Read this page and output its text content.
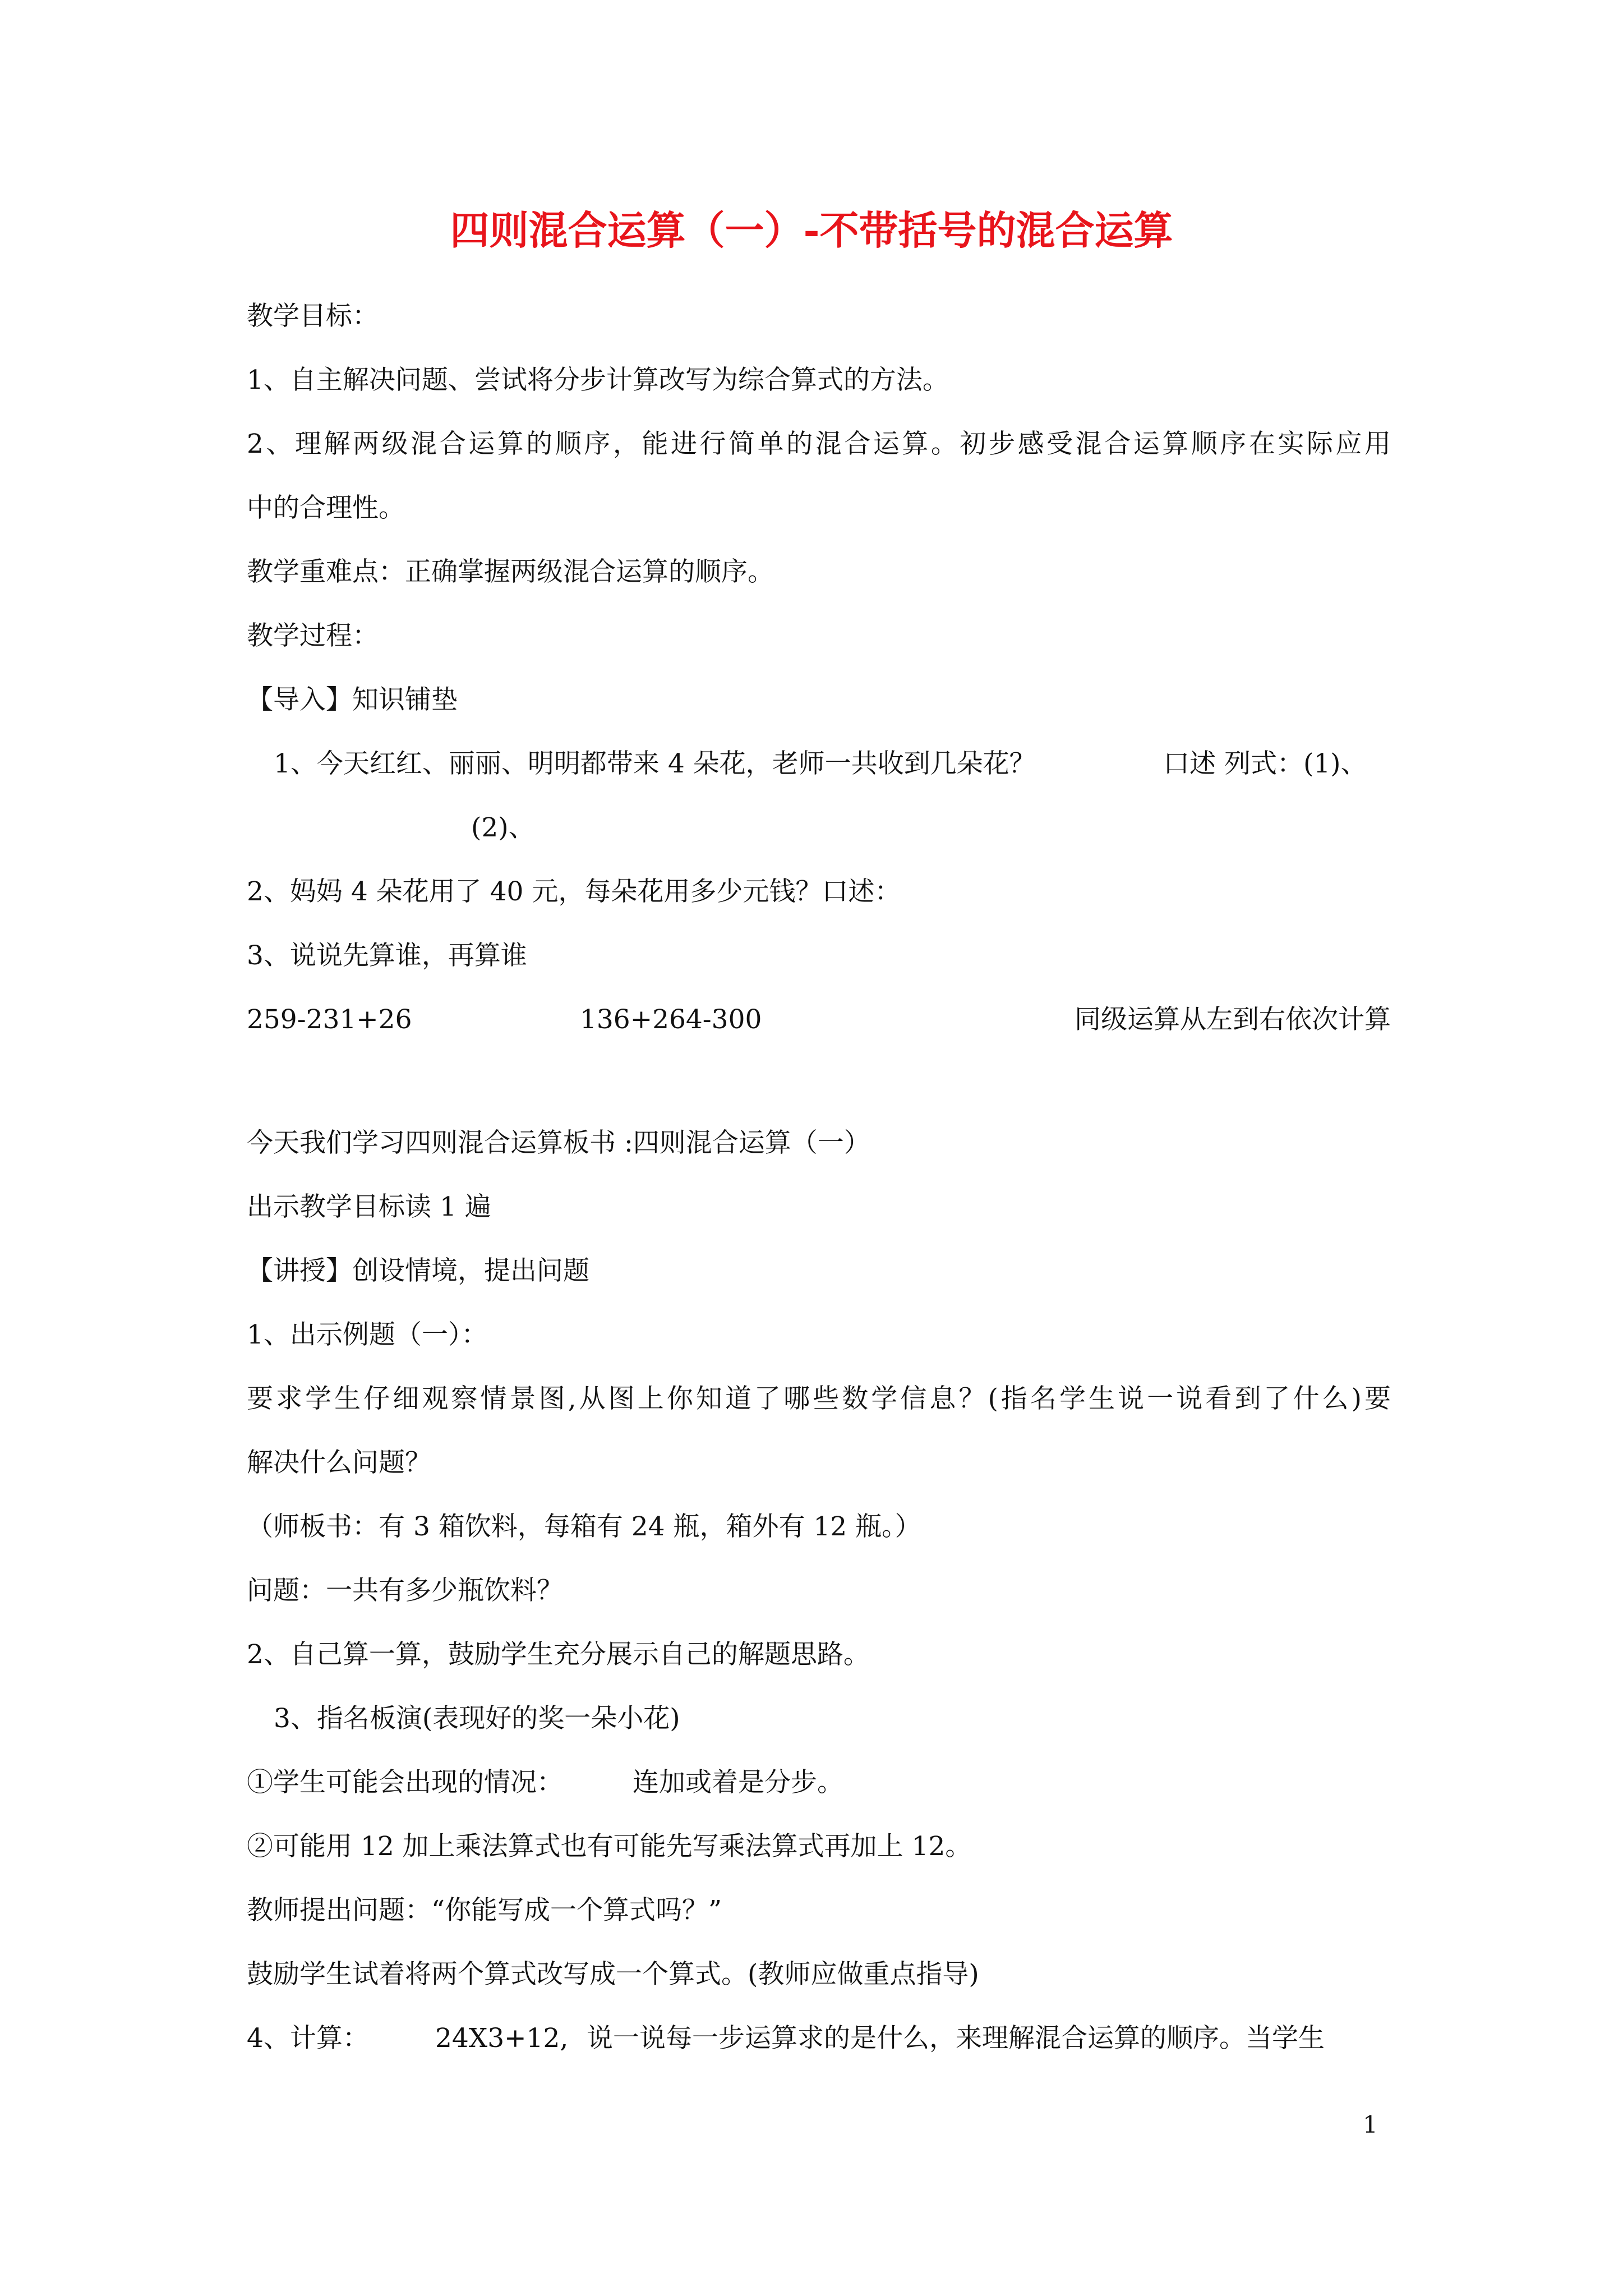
四则混合运算（一）-不带括号的混合运算
教学目标：
1、自主解决问题、尝试将分步计算改写为综合算式的方法。
2、理解两级混合运算的顺序，能进行简单的混合运算。初步感受混合运算顺序在实际应用
中的合理性。
教学重难点：正确掌握两级混合运算的顺序。
教学过程：
【导入】知识铺垫
1、今天红红、丽丽、明明都带来 4 朵花，老师一共收到几朵花？	口述 列式：(1)、
(2)、
2、妈妈 4 朵花用了 40 元，每朵花用多少元钱？口述：
3、说说先算谁，再算谁
259-231+26	136+264-300	同级运算从左到右依次计算
今天我们学习四则混合运算板书 :四则混合运算（一）
出示教学目标读 1 遍
【讲授】创设情境，提出问题
1、出示例题（一）：
要求学生仔细观察情景图,从图上你知道了哪些数学信息？(指名学生说一说看到了什么)要
解决什么问题？
（师板书：有 3 箱饮料，每箱有 24 瓶，箱外有 12 瓶。）
问题：一共有多少瓶饮料？
2、自己算一算，鼓励学生充分展示自己的解题思路。
3、指名板演(表现好的奖一朵小花)
①学生可能会出现的情况：	连加或着是分步。
②可能用 12 加上乘法算式也有可能先写乘法算式再加上 12。
教师提出问题：“你能写成一个算式吗？”
鼓励学生试着将两个算式改写成一个算式。(教师应做重点指导)
4、计算：	24X3+12, 说一说每一步运算求的是什么，来理解混合运算的顺序。当学生
1
